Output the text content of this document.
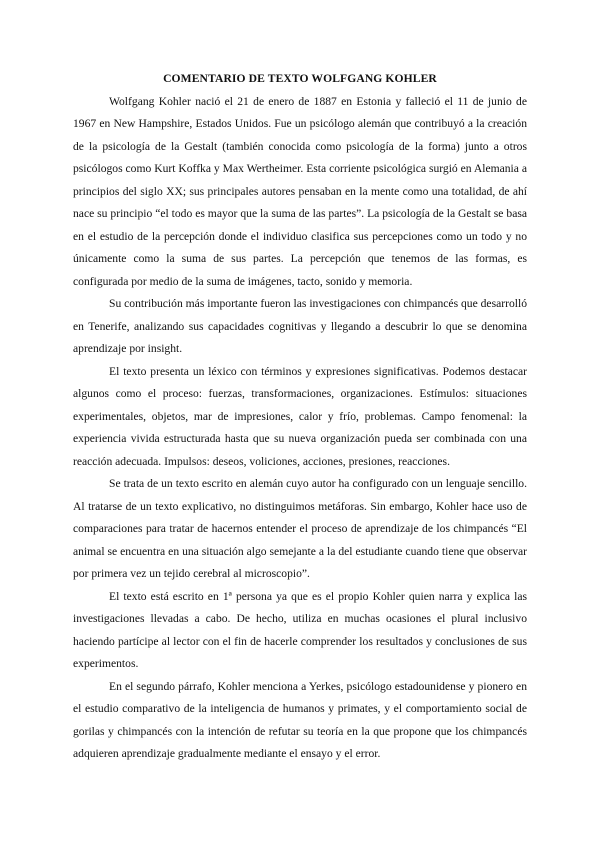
COMENTARIO DE TEXTO WOLFGANG KOHLER

Wolfgang Kohler nació el 21 de enero de 1887 en Estonia y falleció el 11 de junio de 1967 en New Hampshire, Estados Unidos. Fue un psicólogo alemán que contribuyó a la creación de la psicología de la Gestalt (también conocida como psicología de la forma) junto a otros psicólogos como Kurt Koffka y Max Wertheimer. Esta corriente psicológica surgió en Alemania a principios del siglo XX; sus principales autores pensaban en la mente como una totalidad, de ahí nace su principio “el todo es mayor que la suma de las partes”. La psicología de la Gestalt se basa en el estudio de la percepción donde el individuo clasifica sus percepciones como un todo y no únicamente como la suma de sus partes. La percepción que tenemos de las formas, es configurada por medio de la suma de imágenes, tacto, sonido y memoria.

Su contribución más importante fueron las investigaciones con chimpancés que desarrolló en Tenerife, analizando sus capacidades cognitivas y llegando a descubrir lo que se denomina aprendizaje por insight.

El texto presenta un léxico con términos y expresiones significativas. Podemos destacar algunos como el proceso: fuerzas, transformaciones, organizaciones. Estímulos: situaciones experimentales, objetos, mar de impresiones, calor y frío, problemas. Campo fenomenal: la experiencia vivida estructurada hasta que su nueva organización pueda ser combinada con una reacción adecuada. Impulsos: deseos, voliciones, acciones, presiones, reacciones.

Se trata de un texto escrito en alemán cuyo autor ha configurado con un lenguaje sencillo. Al tratarse de un texto explicativo, no distinguimos metáforas. Sin embargo, Kohler hace uso de comparaciones para tratar de hacernos entender el proceso de aprendizaje de los chimpancés “El animal se encuentra en una situación algo semejante a la del estudiante cuando tiene que observar por primera vez un tejido cerebral al microscopio”.

El texto está escrito en 1ª persona ya que es el propio Kohler quien narra y explica las investigaciones llevadas a cabo. De hecho, utiliza en muchas ocasiones el plural inclusivo haciendo partícipe al lector con el fin de hacerle comprender los resultados y conclusiones de sus experimentos.

En el segundo párrafo, Kohler menciona a Yerkes, psicólogo estadounidense y pionero en el estudio comparativo de la inteligencia de humanos y primates, y el comportamiento social de gorilas y chimpancés con la intención de refutar su teoría en la que propone que los chimpancés adquieren aprendizaje gradualmente mediante el ensayo y el error.
